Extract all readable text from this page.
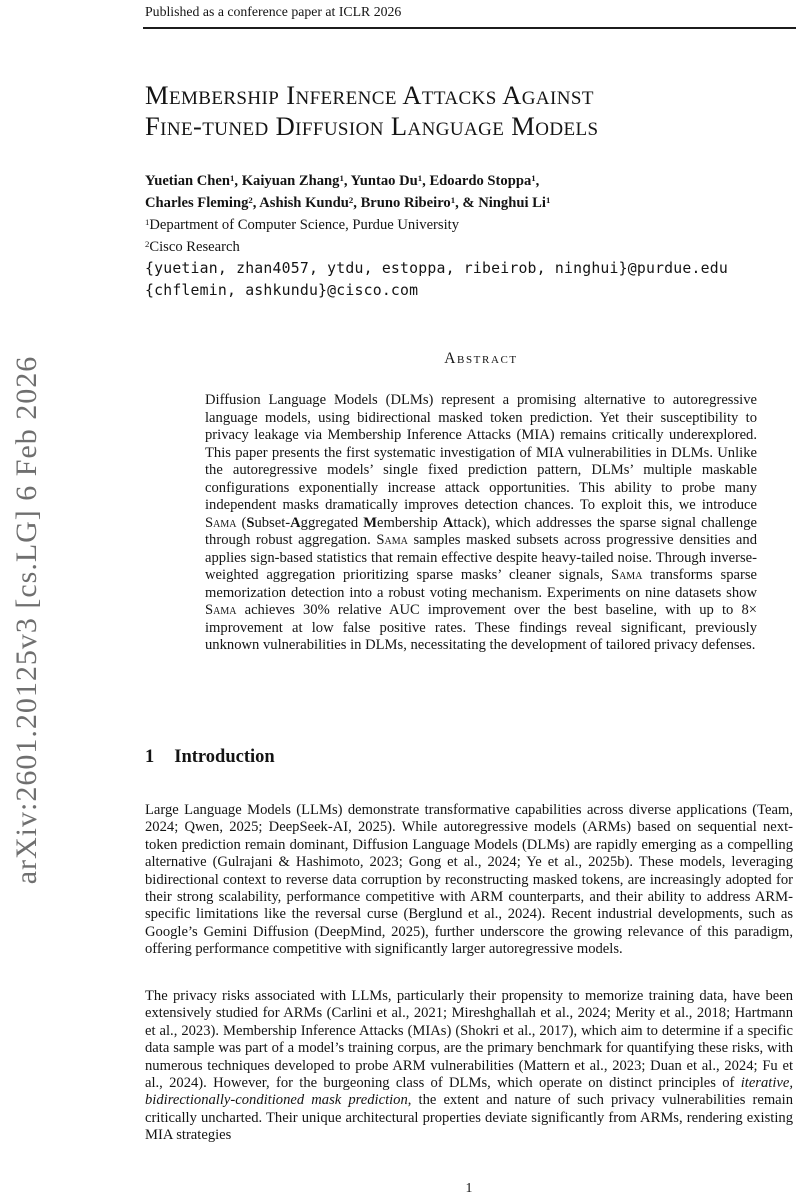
Published as a conference paper at ICLR 2026
arXiv:2601.20125v3 [cs.LG] 6 Feb 2026
Membership Inference Attacks Against
Fine-tuned Diffusion Language Models
Yuetian Chen$^1$, Kaiyuan Zhang$^1$, Yuntao Du$^1$, Edoardo Stoppa$^1$,
Charles Fleming$^2$, Ashish Kundu$^2$, Bruno Ribeiro$^1$, & Ninghui Li$^1$
$^1$Department of Computer Science, Purdue University
$^2$Cisco Research
{yuetian, zhan4057, ytdu, estoppa, ribeirob, ninghui}@purdue.edu
{chflemin, ashkundu}@cisco.com
Abstract
Diffusion Language Models (DLMs) represent a promising alternative to autoregressive language models, using bidirectional masked token prediction. Yet their susceptibility to privacy leakage via Membership Inference Attacks (MIA) remains critically underexplored. This paper presents the first systematic investigation of MIA vulnerabilities in DLMs. Unlike the autoregressive models’ single fixed prediction pattern, DLMs’ multiple maskable configurations exponentially increase attack opportunities. This ability to probe many independent masks dramatically improves detection chances. To exploit this, we introduce Sama (Subset-Aggregated Membership Attack), which addresses the sparse signal challenge through robust aggregation. Sama samples masked subsets across progressive densities and applies sign-based statistics that remain effective despite heavy-tailed noise. Through inverse-weighted aggregation prioritizing sparse masks’ cleaner signals, Sama transforms sparse memorization detection into a robust voting mechanism. Experiments on nine datasets show Sama achieves 30% relative AUC improvement over the best baseline, with up to 8× improvement at low false positive rates. These findings reveal significant, previously unknown vulnerabilities in DLMs, necessitating the development of tailored privacy defenses.
1 Introduction
Large Language Models (LLMs) demonstrate transformative capabilities across diverse applications (Team, 2024; Qwen, 2025; DeepSeek-AI, 2025). While autoregressive models (ARMs) based on sequential next-token prediction remain dominant, Diffusion Language Models (DLMs) are rapidly emerging as a compelling alternative (Gulrajani & Hashimoto, 2023; Gong et al., 2024; Ye et al., 2025b). These models, leveraging bidirectional context to reverse data corruption by reconstructing masked tokens, are increasingly adopted for their strong scalability, performance competitive with ARM counterparts, and their ability to address ARM-specific limitations like the reversal curse (Berglund et al., 2024). Recent industrial developments, such as Google’s Gemini Diffusion (DeepMind, 2025), further underscore the growing relevance of this paradigm, offering performance competitive with significantly larger autoregressive models.
The privacy risks associated with LLMs, particularly their propensity to memorize training data, have been extensively studied for ARMs (Carlini et al., 2021; Mireshghallah et al., 2024; Merity et al., 2018; Hartmann et al., 2023). Membership Inference Attacks (MIAs) (Shokri et al., 2017), which aim to determine if a specific data sample was part of a model’s training corpus, are the primary benchmark for quantifying these risks, with numerous techniques developed to probe ARM vulnerabilities (Mattern et al., 2023; Duan et al., 2024; Fu et al., 2024). However, for the burgeoning class of DLMs, which operate on distinct principles of iterative, bidirectionally-conditioned mask prediction, the extent and nature of such privacy vulnerabilities remain critically uncharted. Their unique architectural properties deviate significantly from ARMs, rendering existing MIA strategies
1
